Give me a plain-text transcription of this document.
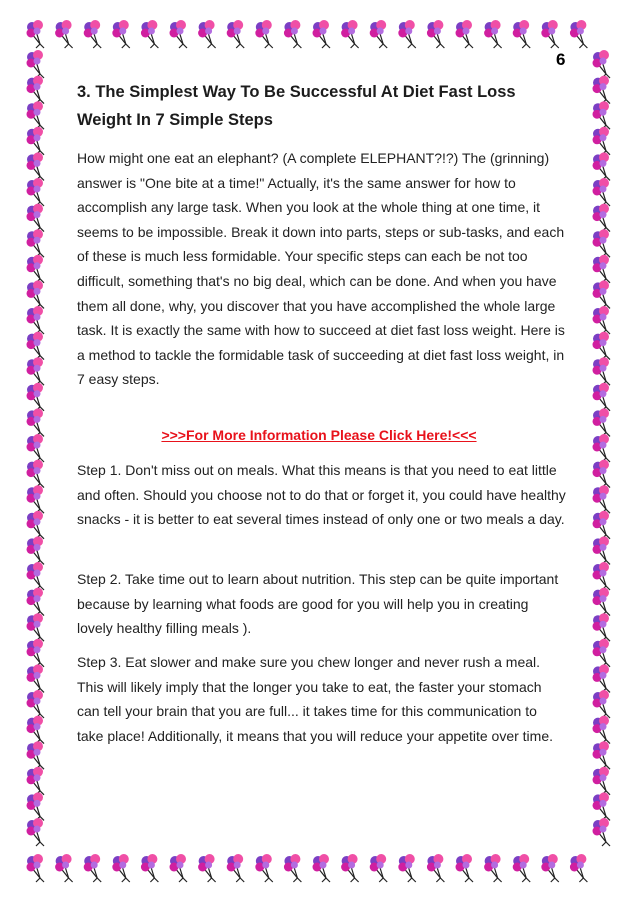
6
3. The Simplest Way To Be Successful At Diet Fast Loss Weight In 7 Simple Steps

How might one eat an elephant? (A complete ELEPHANT?!?) The (grinning) answer is "One bite at a time!" Actually, it's the same answer for how to accomplish any large task. When you look at the whole thing at one time, it seems to be impossible. Break it down into parts, steps or sub-tasks, and each of these is much less formidable. Your specific steps can each be not too difficult, something that's no big deal, which can be done. And when you have them all done, why, you discover that you have accomplished the whole large task. It is exactly the same with how to succeed at diet fast loss weight. Here is a method to tackle the formidable task of succeeding at diet fast loss weight, in 7 easy steps.

>>>For More Information Please Click Here!<<<

Step 1. Don't miss out on meals. What this means is that you need to eat little and often. Should you choose not to do that or forget it, you could have healthy snacks - it is better to eat several times instead of only one or two meals a day.

Step 2. Take time out to learn about nutrition. This step can be quite important because by learning what foods are good for you will help you in creating lovely healthy filling meals ).

Step 3. Eat slower and make sure you chew longer and never rush a meal. This will likely imply that the longer you take to eat, the faster your stomach can tell your brain that you are full... it takes time for this communication to take place! Additionally, it means that you will reduce your appetite over time.
